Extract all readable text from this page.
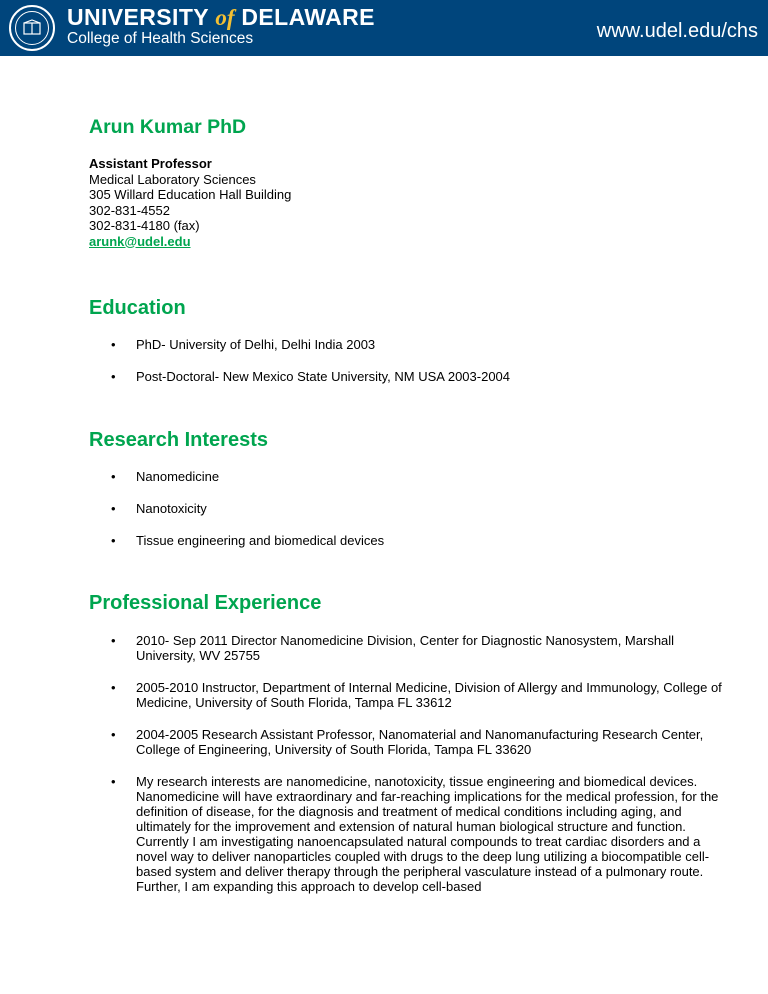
UNIVERSITY of DELAWARE
College of Health Sciences	www.udel.edu/chs
Arun Kumar PhD
Assistant Professor
Medical Laboratory Sciences
305 Willard Education Hall Building
302-831-4552
302-831-4180 (fax)
arunk@udel.edu
Education
• PhD- University of Delhi, Delhi India 2003
• Post-Doctoral- New Mexico State University, NM USA 2003-2004
Research Interests
• Nanomedicine
• Nanotoxicity
• Tissue engineering and biomedical devices
Professional Experience
• 2010- Sep 2011 Director Nanomedicine Division, Center for Diagnostic Nanosystem, Marshall University, WV 25755
• 2005-2010 Instructor, Department of Internal Medicine, Division of Allergy and Immunology, College of Medicine, University of South Florida, Tampa FL 33612
• 2004-2005 Research Assistant Professor, Nanomaterial and Nanomanufacturing Research Center, College of Engineering, University of South Florida, Tampa FL 33620
• My research interests are nanomedicine, nanotoxicity, tissue engineering and biomedical devices. Nanomedicine will have extraordinary and far-reaching implications for the medical profession, for the definition of disease, for the diagnosis and treatment of medical conditions including aging, and ultimately for the improvement and extension of natural human biological structure and function. Currently I am investigating nanoencapsulated natural compounds to treat cardiac disorders and a novel way to deliver nanoparticles coupled with drugs to the deep lung utilizing a biocompatible cell-based system and deliver therapy through the peripheral vasculature instead of a pulmonary route. Further, I am expanding this approach to develop cell-based
